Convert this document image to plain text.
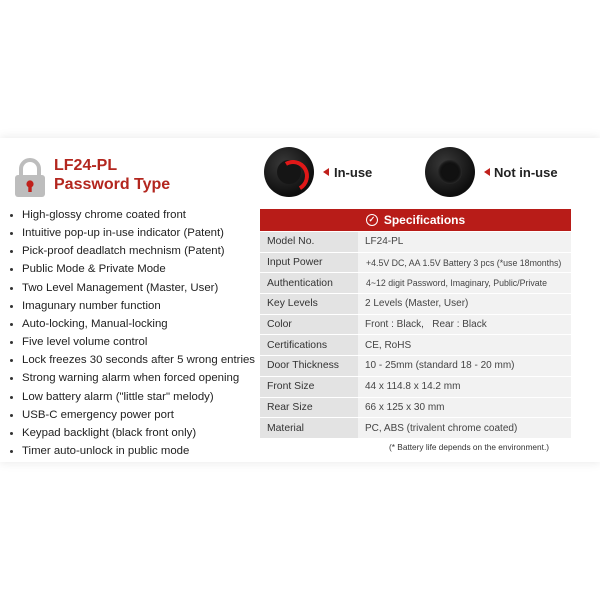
LF24-PL
Password Type
High-glossy chrome coated front
Intuitive pop-up in-use indicator (Patent)
Pick-proof deadlatch mechnism (Patent)
Public Mode & Private Mode
Two Level Management (Master, User)
Imagunary number function
Auto-locking, Manual-locking
Five level volume control
Lock freezes 30 seconds after 5 wrong entries
Strong warning alarm when forced opening
Low battery alarm ("little star" melody)
USB-C emergency power port
Keypad backlight (black front only)
Timer auto-unlock in public mode
In-use	Not in-use
✓ Specifications
Model No.	LF24-PL
Input Power	+4.5V DC, AA 1.5V Battery 3 pcs (*use 18months)
Authentication	4~12 digit Password, Imaginary, Public/Private
Key Levels	2 Levels (Master, User)
Color	Front : Black,   Rear : Black
Certifications	CE, RoHS
Door Thickness	10 - 25mm (standard 18 - 20 mm)
Front Size	44 x 114.8 x 14.2 mm
Rear Size	66 x 125 x 30 mm
Material	PC, ABS (trivalent chrome coated)
(* Battery life depends on the environment.)
